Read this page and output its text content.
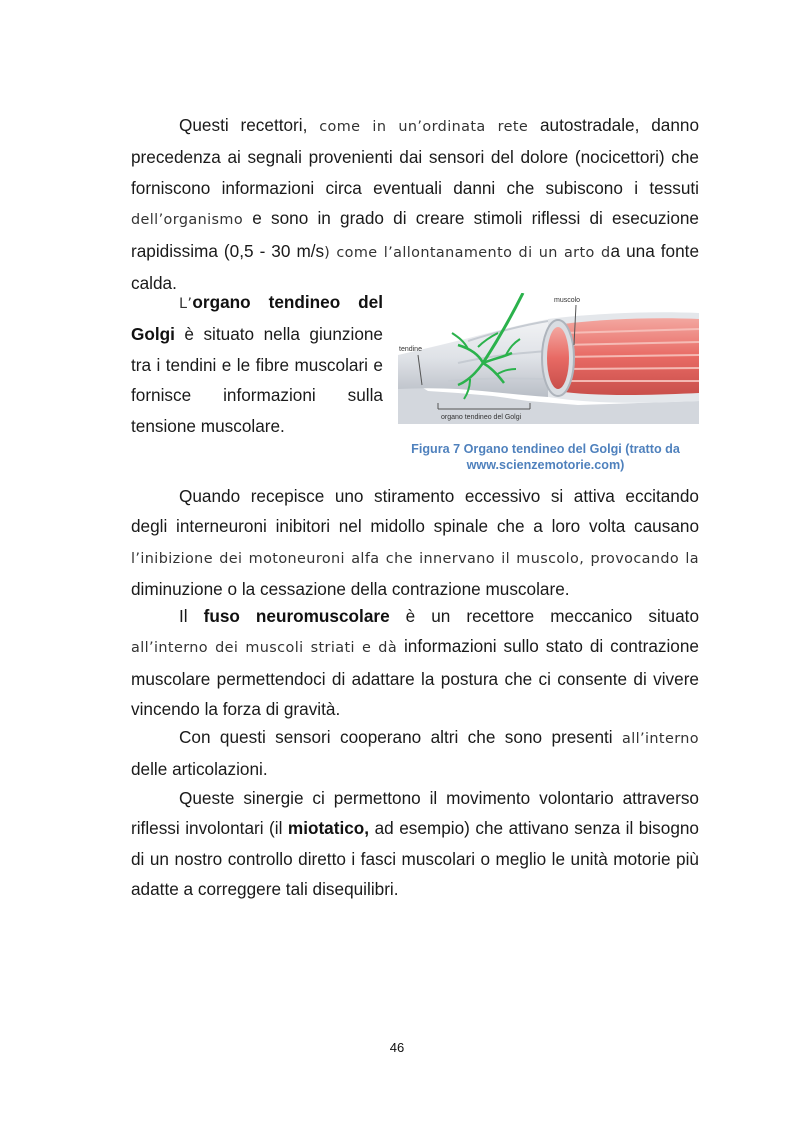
Questi recettori, come in un’ordinata rete autostradale, danno precedenza ai segnali provenienti dai sensori del dolore (nocicettori) che forniscono informazioni circa eventuali danni che subiscono i tessuti dell’organismo e sono in grado di creare stimoli riflessi di esecuzione rapidissima (0,5 - 30 m/s) come l’allontanamento di un arto da una fonte calda.

L’organo tendineo del Golgi è situato nella giunzione tra i tendini e le fibre muscolari e fornisce informazioni sulla tensione muscolare.

muscolo
tendine
organo tendineo del Golgi
Figura 7 Organo tendineo del Golgi (tratto da
www.scienzemotorie.com)

Quando recepisce uno stiramento eccessivo si attiva eccitando degli interneuroni inibitori nel midollo spinale che a loro volta causano l’inibizione dei motoneuroni alfa che innervano il muscolo, provocando la diminuzione o la cessazione della contrazione muscolare.

Il fuso neuromuscolare è un recettore meccanico situato all’interno dei muscoli striati e dà informazioni sullo stato di contrazione muscolare permettendoci di adattare la postura che ci consente di vivere vincendo la forza di gravità.

Con questi sensori cooperano altri che sono presenti all’interno delle articolazioni.

Queste sinergie ci permettono il movimento volontario attraverso riflessi involontari (il miotatico, ad esempio) che attivano senza il bisogno di un nostro controllo diretto i fasci muscolari o meglio le unità motorie più adatte a correggere tali disequilibri.

46
